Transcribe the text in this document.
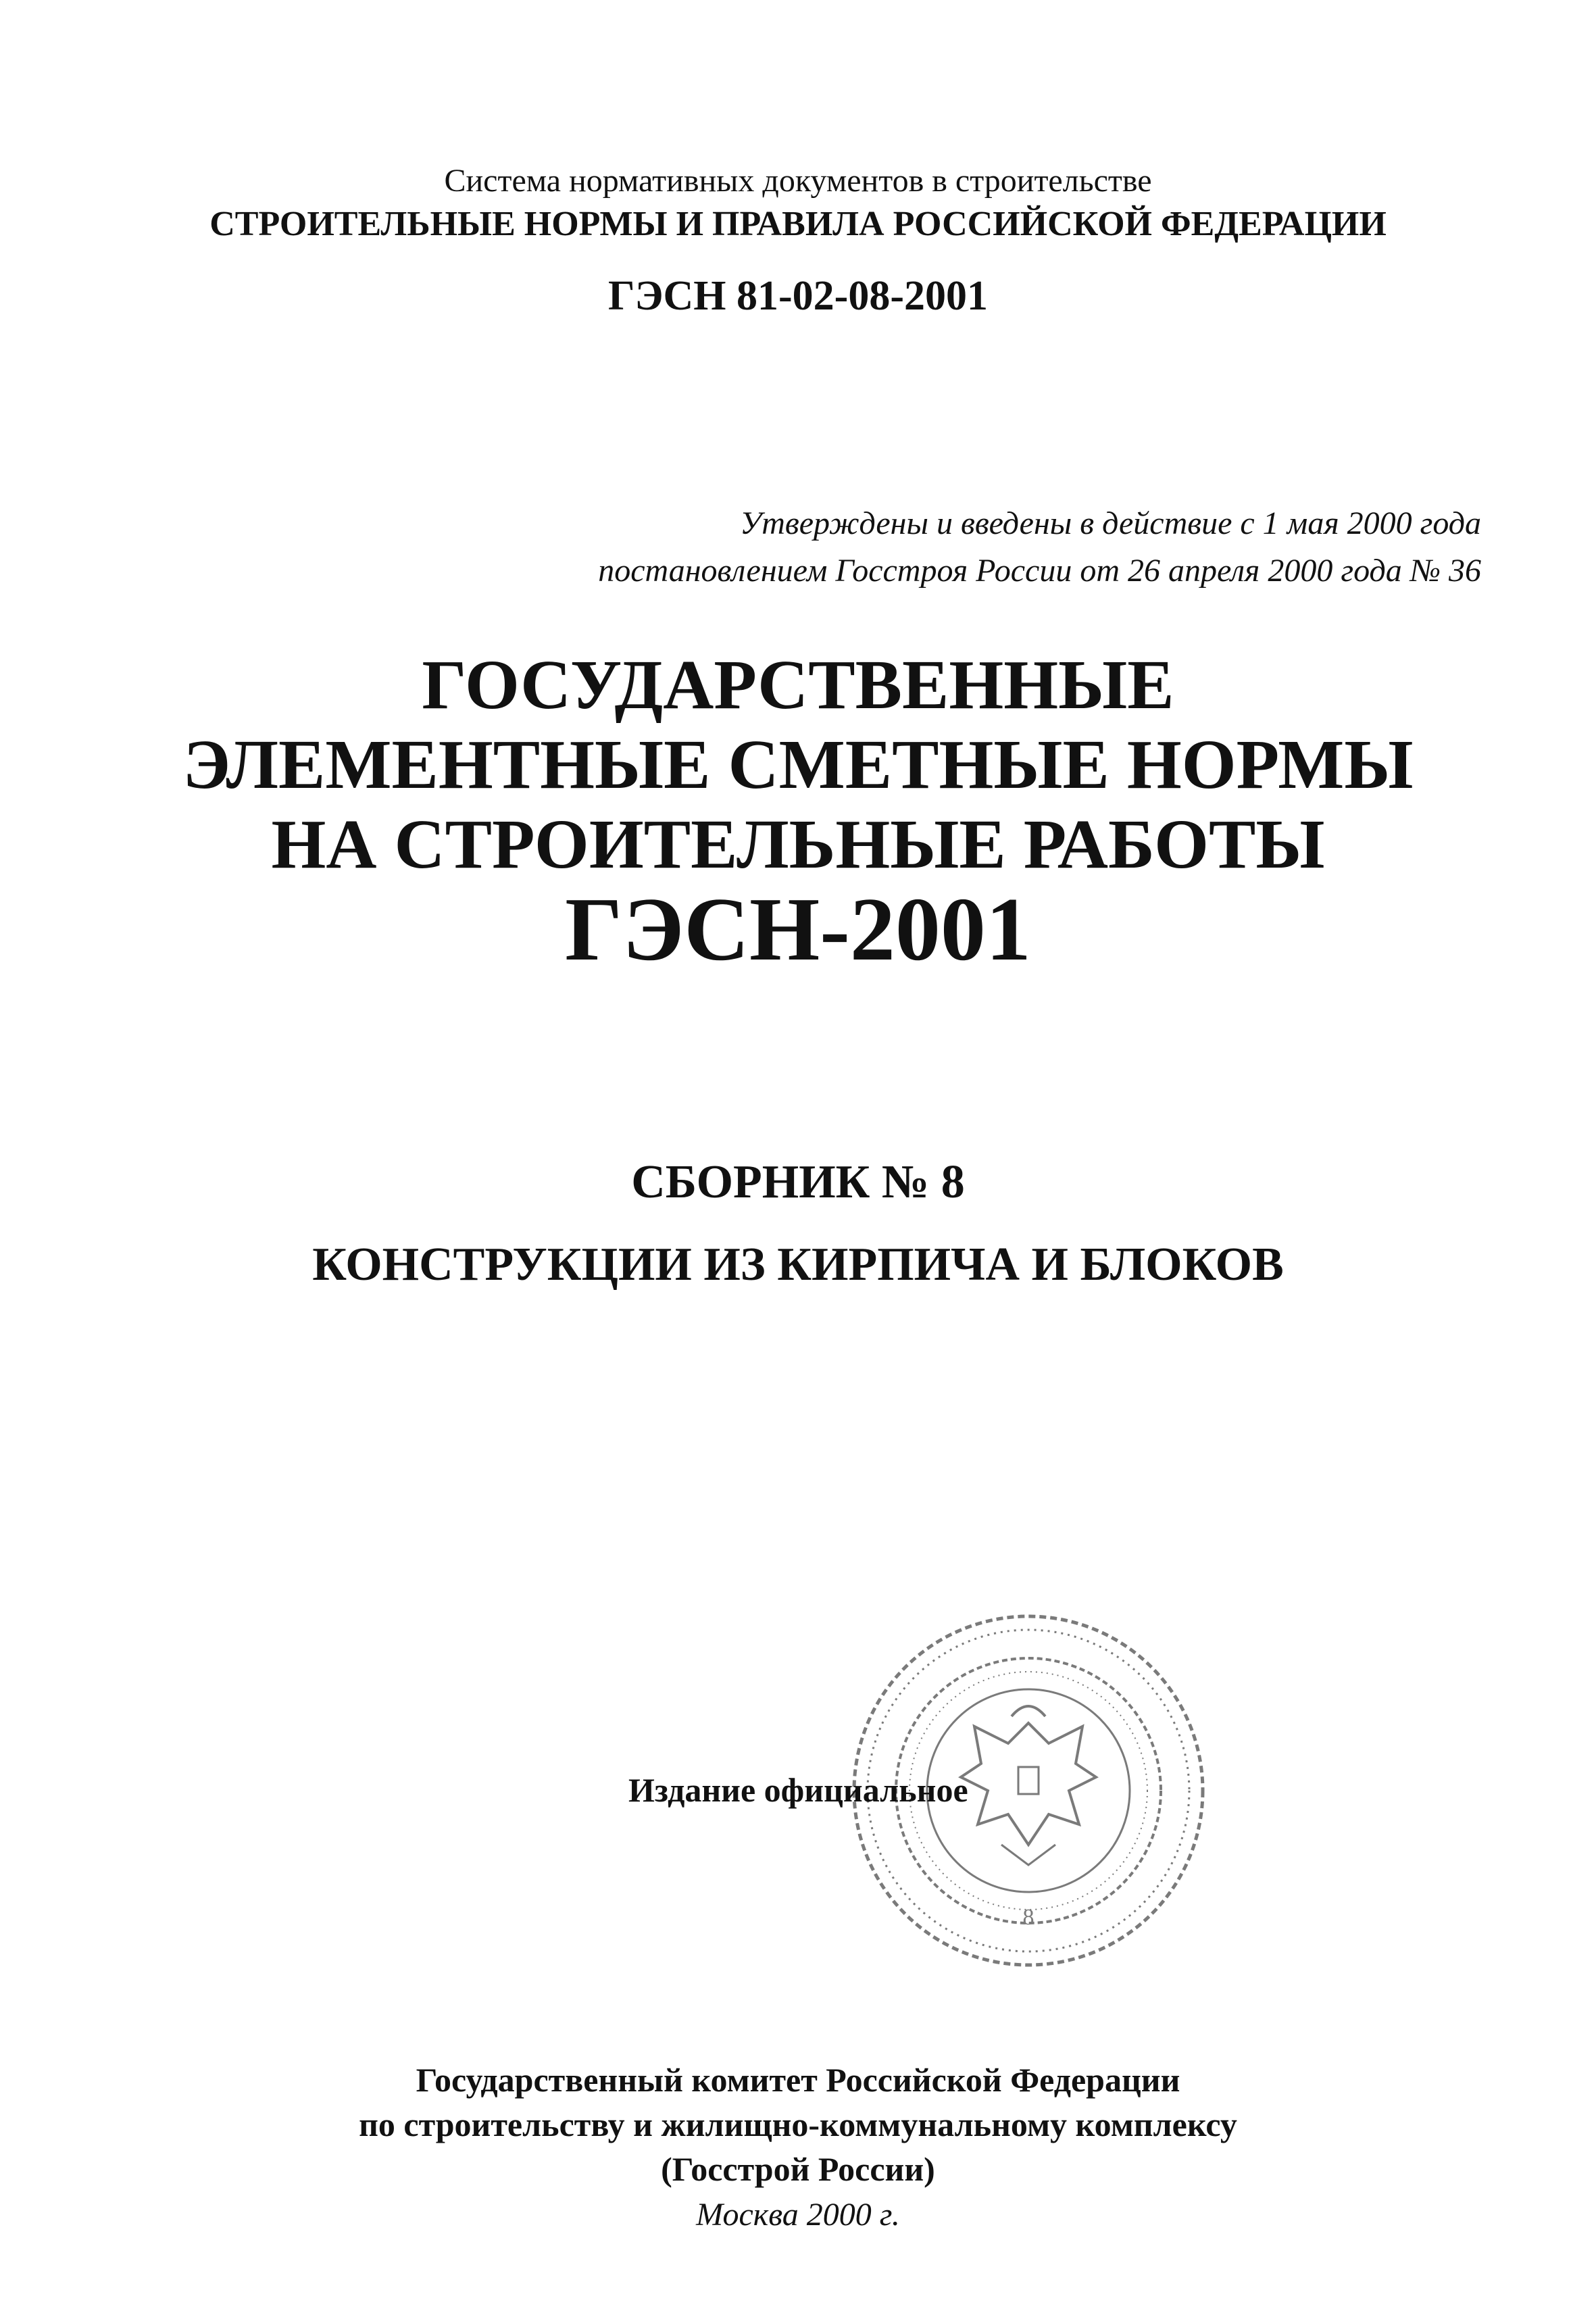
Система нормативных документов в строительстве
СТРОИТЕЛЬНЫЕ НОРМЫ И ПРАВИЛА РОССИЙСКОЙ ФЕДЕРАЦИИ
ГЭСН 81-02-08-2001
Утверждены и введены в действие с 1 мая 2000 года
постановлением Госстроя России от 26 апреля 2000 года № 36
ГОСУДАРСТВЕННЫЕ
ЭЛЕМЕНТНЫЕ СМЕТНЫЕ НОРМЫ
НА СТРОИТЕЛЬНЫЕ РАБОТЫ
ГЭСН-2001
СБОРНИК № 8
КОНСТРУКЦИИ ИЗ КИРПИЧА И БЛОКОВ
8
Издание официальное
Государственный комитет Российской Федерации
по строительству и жилищно-коммунальному комплексу
(Госстрой России)
Москва 2000 г.
